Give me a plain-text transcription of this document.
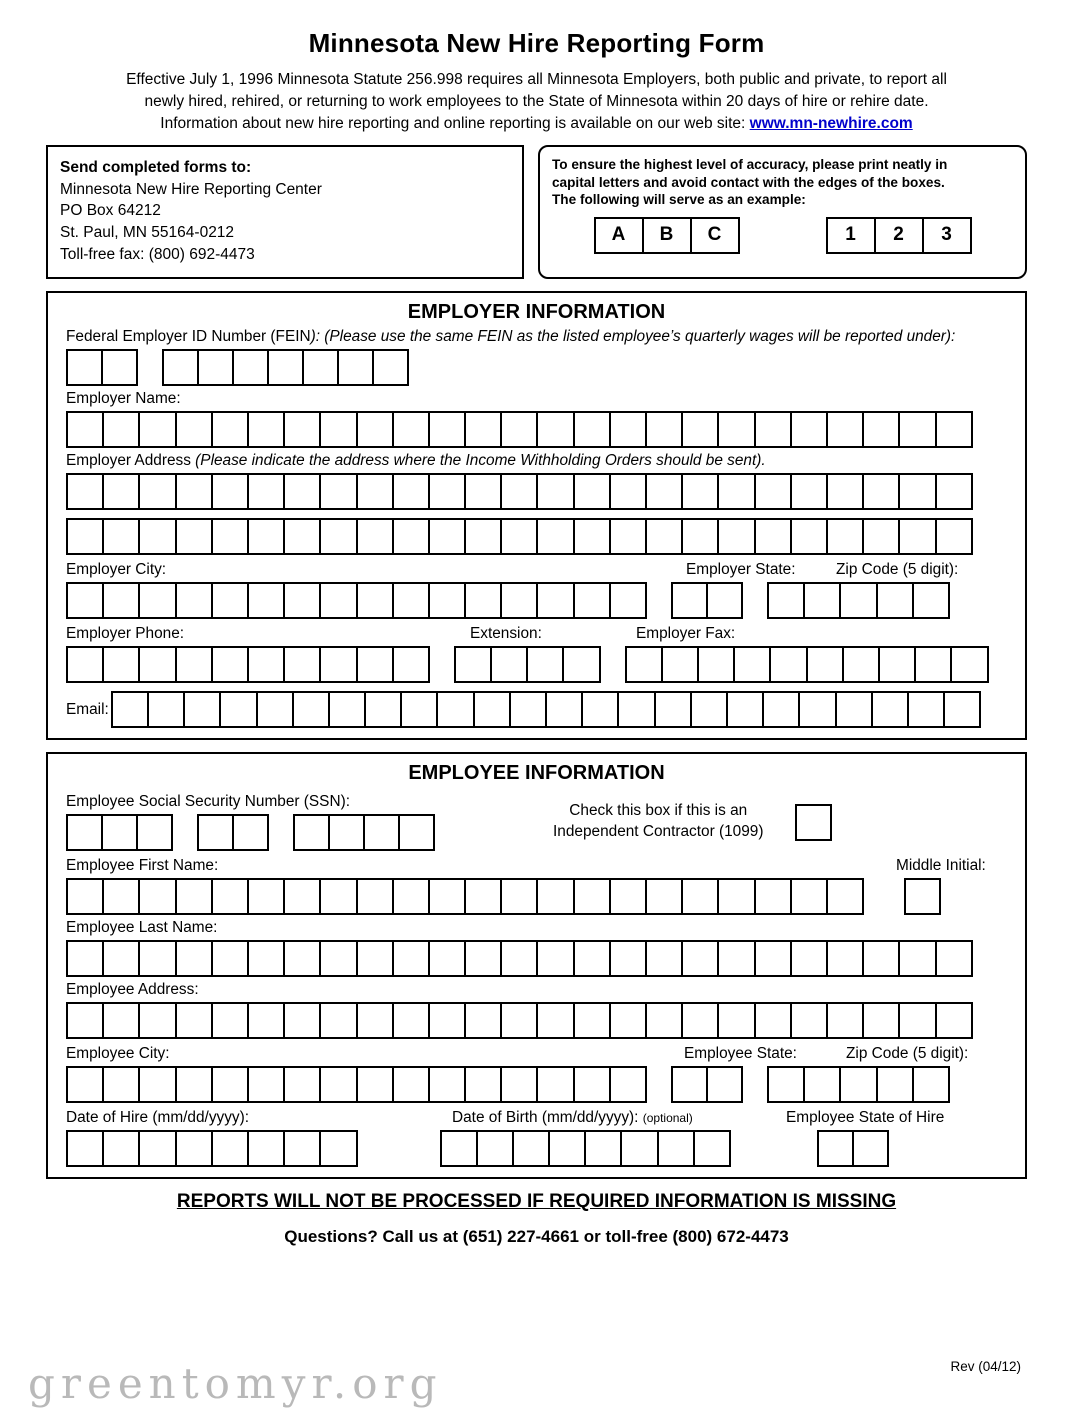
Minnesota New Hire Reporting Form
Effective July 1, 1996 Minnesota Statute 256.998 requires all Minnesota Employers, both public and private, to report all
newly hired, rehired, or returning to work employees to the State of Minnesota within 20 days of hire or rehire date.
Information about new hire reporting and online reporting is available on our web site: www.mn-newhire.com
Send completed forms to:
Minnesota New Hire Reporting Center
PO Box 64212
St. Paul, MN 55164-0212
Toll-free fax: (800) 692-4473
To ensure the highest level of accuracy, please print neatly in
capital letters and avoid contact with the edges of the boxes.
The following will serve as an example:
A	B	C	1	2	3
EMPLOYER INFORMATION
Federal Employer ID Number (FEIN): (Please use the same FEIN as the listed employee’s quarterly wages will be reported under):
Employer Name:
Employer Address (Please indicate the address where the Income Withholding Orders should be sent).
Employer City:	Employer State:	Zip Code (5 digit):
Employer Phone:	Extension:	Employer Fax:
Email:
EMPLOYEE INFORMATION
Employee Social Security Number (SSN):
Check this box if this is an
Independent Contractor (1099)
Employee First Name:	Middle Initial:
Employee Last Name:
Employee Address:
Employee City:	Employee State:	Zip Code (5 digit):
Date of Hire (mm/dd/yyyy):	Date of Birth (mm/dd/yyyy): (optional)	Employee State of Hire
REPORTS WILL NOT BE PROCESSED IF REQUIRED INFORMATION IS MISSING
Questions? Call us at (651) 227-4661 or toll-free (800) 672-4473
Rev (04/12)
greentomyr.org
